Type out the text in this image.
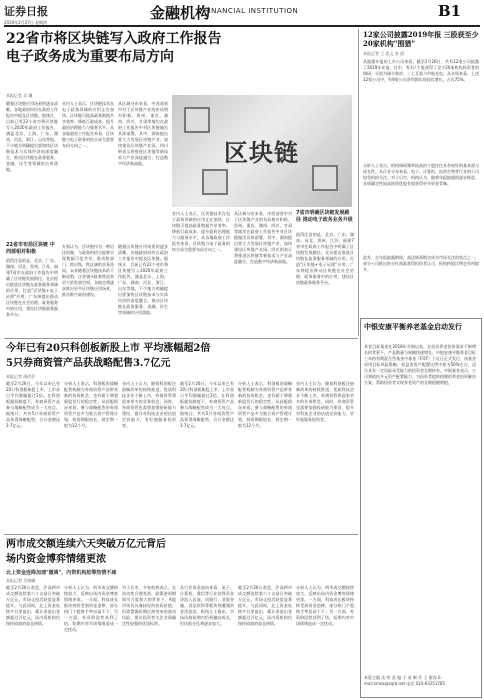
证券日报
2020年2月27日 星期四
金融机构
FINANCIAL INSTITUTION	B1
22省市将区块链写入政府工作报告
电子政务成为重要布局方向
本报记者 吴 珊
随着区块链应用场景的逐步清晰，各地政府纷纷在政府工作报告中提及区块链。据统计，目前已有22个省市将区块链写入2020年政府工作报告，涵盖北京、上海、广东、湖南、河北、浙江、山东等地。不少地方明确提出要加快区块链技术与实体经济的深度融合，推动区块链在政务服务、金融、民生等领域的应用落地。
业内人士表示，区块链技术在电子政务领域的应用正在加快，区块链可提高政务数据共享效率，降低行政成本，提升政府治理能力与服务水平。从各地政府工作报告来看，区块链与电子政务的结合成为重要布局方向之一。
从区域分布来看，中西部省市对于区块链产业的布局相对积极，贵州、重庆、湖南、四川、甘肃等地均在政府工作报告中对区块链做出具体部署。其中，湖南提出要大力发展区块链产业，加快建设区块链产业园；四川则表示将推进区块链等新技术与产业深度融合，打造数字经济新高地。
22省市布局区块链 中西部相对积极
值得注意的是，北京、广东、湖南、河北、贵州、江苏、福建7省市在政府工作报告中明确了区块链发展路径。北京提出推进区块链在政务服务领域的应用，打造"区块链+电子证照"应用；广东则提出推动区块链在社会治理、政务服务中的应用，建设区块链政务服务平台。
专家认为，区块链作为一种信任机制，与政务的结合能够实现数据可信共享，推动跨部门、跨层级、跨区域的业务协同。未来随着区块链技术的不断成熟，区块链+政务将迎来更大的发展空间。各地也将逐步推出更多区块链应用场景，推动数字政府建设。
随着区块链应用场景的逐步清晰，各地政府纷纷在政府工作报告中提及区块链。据统计，目前已有22个省市将区块链写入2020年政府工作报告，涵盖北京、上海、广东、湖南、河北、浙江、山东等地。不少地方明确提出要加快区块链技术与实体经济的深度融合，推动区块链在政务服务、金融、民生等领域的应用落地。
区块链
业内人士表示，区块链技术在电子政务领域的应用正在加快，区块链可提高政务数据共享效率，降低行政成本，提升政府治理能力与服务水平。从各地政府工作报告来看，区块链与电子政务的结合成为重要布局方向之一。
从区域分布来看，中西部省市对于区块链产业的布局相对积极，贵州、重庆、湖南、四川、甘肃等地均在政府工作报告中对区块链做出具体部署。其中，湖南提出要大力发展区块链产业，加快建设区块链产业园；四川则表示将推进区块链等新技术与产业深度融合，打造数字经济新高地。
7省市明确区块链发展路径 推动电子政务业务升级
值得注意的是，北京、广东、湖南、河北、贵州、江苏、福建7省市在政府工作报告中明确了区块链发展路径。北京提出推进区块链在政务服务领域的应用，打造"区块链+电子证照"应用；广东则提出推动区块链在社会治理、政务服务中的应用，建设区块链政务服务平台。
12家公司披露2019年报 三股获至少20家机构"围猎"
本报记者 王 思文 张 晨
从披露年报的上市公司来看，截至2月26日，共有12家公司披露了2019年年报，其中，有3只个股获得了至少20家机构投资者的调研，分别为瑞丰新材、三七互娱与中航光电。从业绩来看，上述12家公司中，有9家公司净利润实现同比增长，占比75%。
分析人士表示，机构调研频率较高的个股往往具有较好的基本面与成长性。从行业分布来看，电子、计算机、医药生物等行业的公司较受机构关注。对于后市，机构认为，随着年报披露的逐步推进，业绩确定性较高的绩优股有望获得更多资金青睐。
此外，在年报披露期间，高送转预期也成为市场关注的焦点之一，部分公司推出的分红预案获得投资者认可，机构持股比例也有所提升。
今年已有20只科创板新股上市 平均涨幅超2倍
5只券商资管产品获战略配售3.7亿元
本报记者 周尚伃
截至2月26日，今年以来已有20只科创板新股上市，上市首日平均涨幅超过2倍。在科创板跟投制度下，券商资管产品参与战略配售成为一大亮点。据统计，共有5只券商资管产品获得战略配售，合计金额达3.7亿元。
分析人士表示，科创板的战略配售机制为券商资管产品带来新的投资机会，也有助于增强新股发行的稳定性。从获配情况来看，参与战略配售的券商资管产品多为集合资产管理计划，投资期限较长，锁定期一般为12个月。
业内人士认为，随着科创板注册制改革的持续推进，优质科技企业不断上市，券商资管将迎来更多的业务机会。同时，券商资管也需要加强投研能力建设，提升对科技企业的估值定价能力，更好地服务投资者。
截至2月26日，今年以来已有20只科创板新股上市，上市首日平均涨幅超过2倍。在科创板跟投制度下，券商资管产品参与战略配售成为一大亮点。据统计，共有5只券商资管产品获得战略配售，合计金额达3.7亿元。
分析人士表示，科创板的战略配售机制为券商资管产品带来新的投资机会，也有助于增强新股发行的稳定性。从获配情况来看，参与战略配售的券商资管产品多为集合资产管理计划，投资期限较长，锁定期一般为12个月。
业内人士认为，随着科创板注册制改革的持续推进，优质科技企业不断上市，券商资管将迎来更多的业务机会。同时，券商资管也需要加强投研能力建设，提升对科技企业的估值定价能力，更好地服务投资者。
两市成交额连续六天突破万亿元背后
场内资金博弈情绪更浓
北上资金连降加速"撤离"，内资机构抢筹热情不减
本报记者 吴晓璐
截至2月26日收盘，沪深两市成交额连续第六个交易日突破万亿元，市场交投活跃度显著提升。与此同时，北上资金连续多日净流出，累计净流出金额超过百亿元，而内资机构仍保持较高的加仓热情。
分析人士认为，两市成交额持续放大，反映出场内资金博弈情绪更浓。一方面，科技成长板块持续受到资金追捧，部分热门个股换手率居高不下；另一方面，外资阶段性获利了结，短期内对市场情绪造成一定扰动。
对于后市，多家机构表示，在流动性合理充裕、政策逆周期调节力度加大的背景下，A股市场仍具备较好的投资价值，但需警惕短期过热带来的波动风险，建议投资者关注业绩确定性较强的优质标的。
从行业资金流向来看，电子、计算机、通信等行业获得资金净流入居前，而银行、非银金融、食品饮料等板块则遭遇资金净流出。机构人士指出，市场风格短期内仍将偏向成长，但估值分化将逐步加大。
截至2月26日收盘，沪深两市成交额连续第六个交易日突破万亿元，市场交投活跃度显著提升。与此同时，北上资金连续多日净流出，累计净流出金额超过百亿元，而内资机构仍保持较高的加仓热情。
分析人士认为，两市成交额持续放大，反映出场内资金博弈情绪更浓。一方面，科技成长板块持续受到资金追捧，部分热门个股换手率居高不下；另一方面，外资阶段性获利了结，短期内对市场情绪造成一定扰动。
中银安康平衡养老基金启动发行
养老目标基金在2018年开闸以来，在居民养老投资需求不断增长的背景下，产品数量与规模快速增长。中银安康平衡养老目标三年持有期混合型基金中基金（FOF）于近日正式发行，该基金采用目标风险策略，权益类资产配置比例中枢为50%左右，适合具有一定风险承受能力的投资者长期持有。中银基金表示，公司将依托多元资产配置能力，为投资者提供稳健的养老投资解决方案，帮助投资者实现养老资产的长期稳健增值。
本版主编 沈 明 责 编 于 南 制 作 王 敬涛 E-mail:zmzx@zqrb.net 电话 010-83251785
